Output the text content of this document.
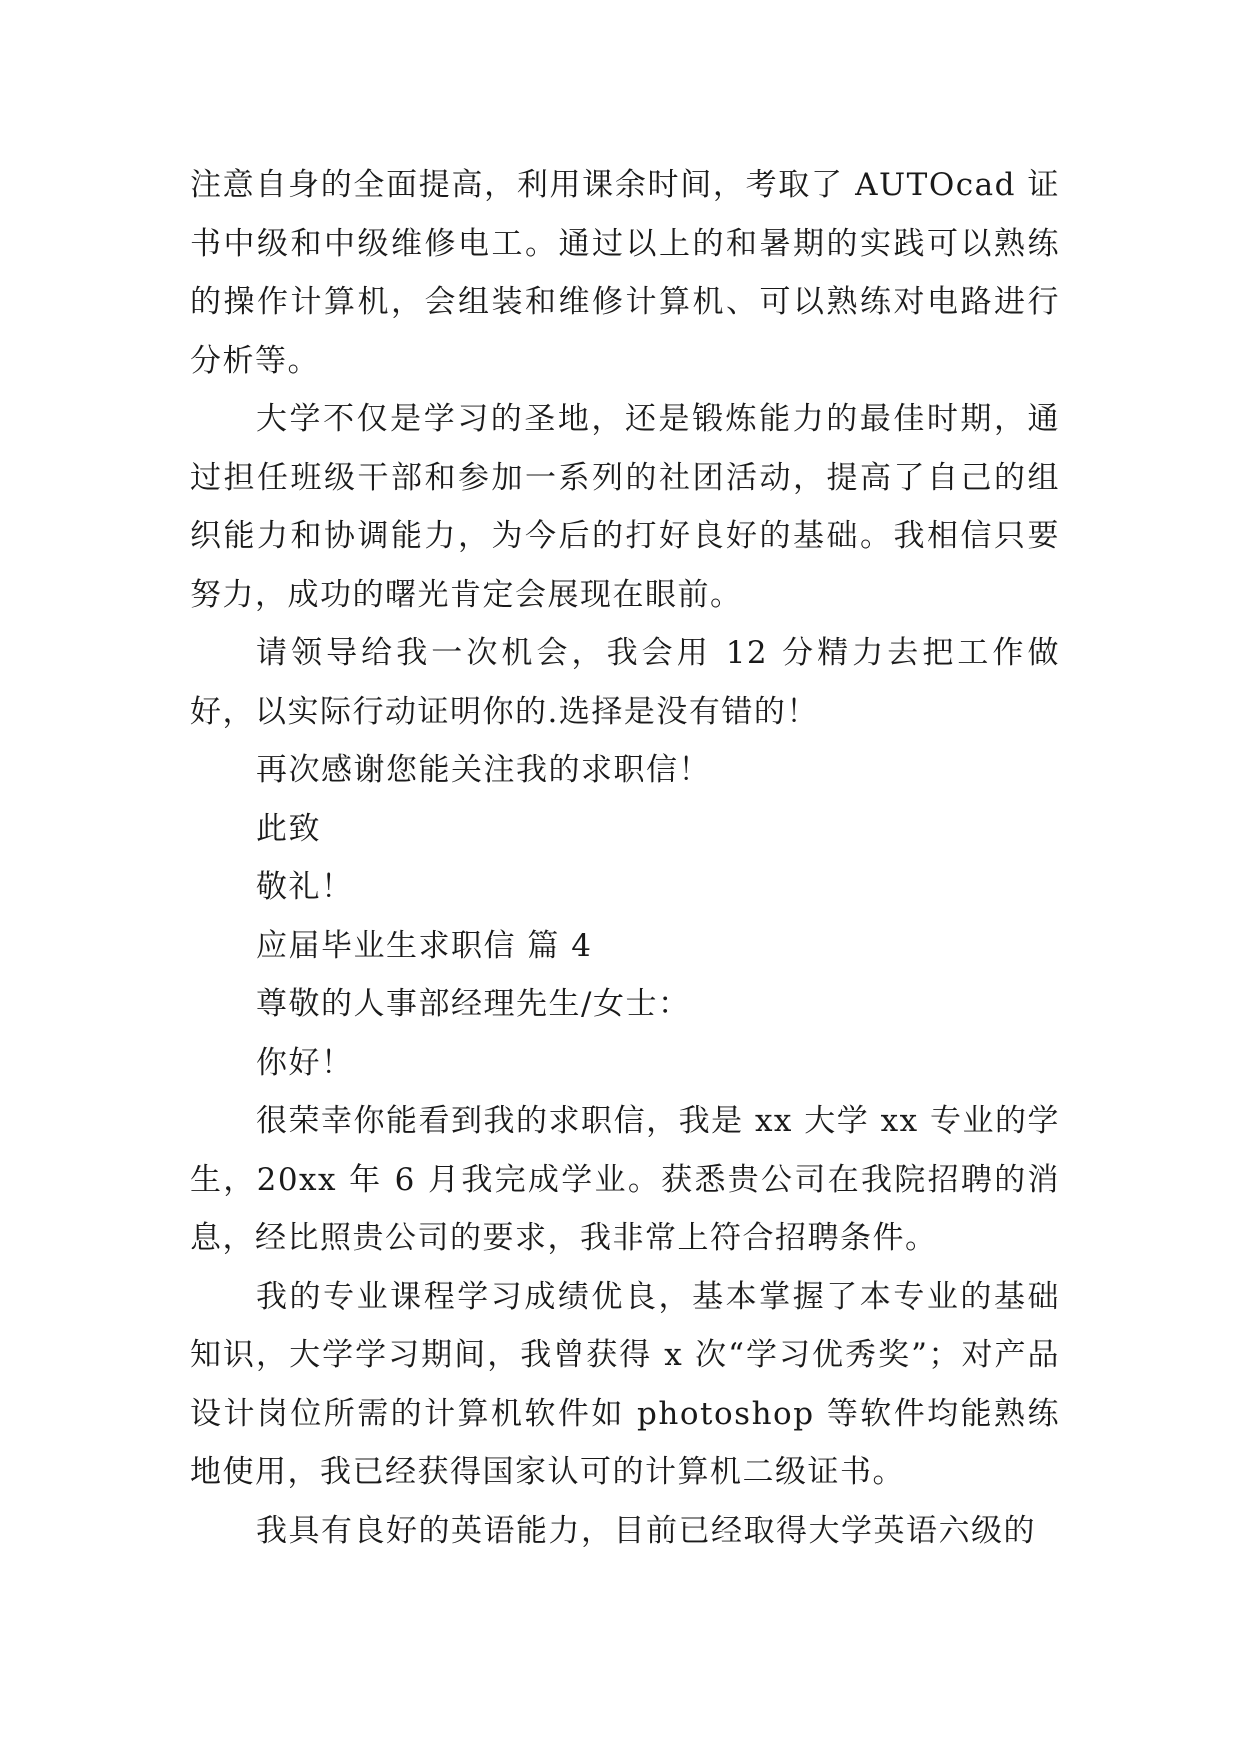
注意自身的全面提高，利用课余时间，考取了 AUTOcad 证书中级和中级维修电工。通过以上的和暑期的实践可以熟练的操作计算机，会组装和维修计算机、可以熟练对电路进行分析等。

大学不仅是学习的圣地，还是锻炼能力的最佳时期，通过担任班级干部和参加一系列的社团活动，提高了自己的组织能力和协调能力，为今后的打好良好的基础。我相信只要努力，成功的曙光肯定会展现在眼前。

请领导给我一次机会，我会用 12 分精力去把工作做好，以实际行动证明你的.选择是没有错的！

再次感谢您能关注我的求职信！

此致

敬礼！

应届毕业生求职信 篇 4

尊敬的人事部经理先生/女士：

你好！

很荣幸你能看到我的求职信，我是 xx 大学 xx 专业的学生，20xx 年 6 月我完成学业。获悉贵公司在我院招聘的消息，经比照贵公司的要求，我非常上符合招聘条件。

我的专业课程学习成绩优良，基本掌握了本专业的基础知识，大学学习期间，我曾获得 x 次“学习优秀奖”；对产品设计岗位所需的计算机软件如 photoshop 等软件均能熟练地使用，我已经获得国家认可的计算机二级证书。

我具有良好的英语能力，目前已经取得大学英语六级的
